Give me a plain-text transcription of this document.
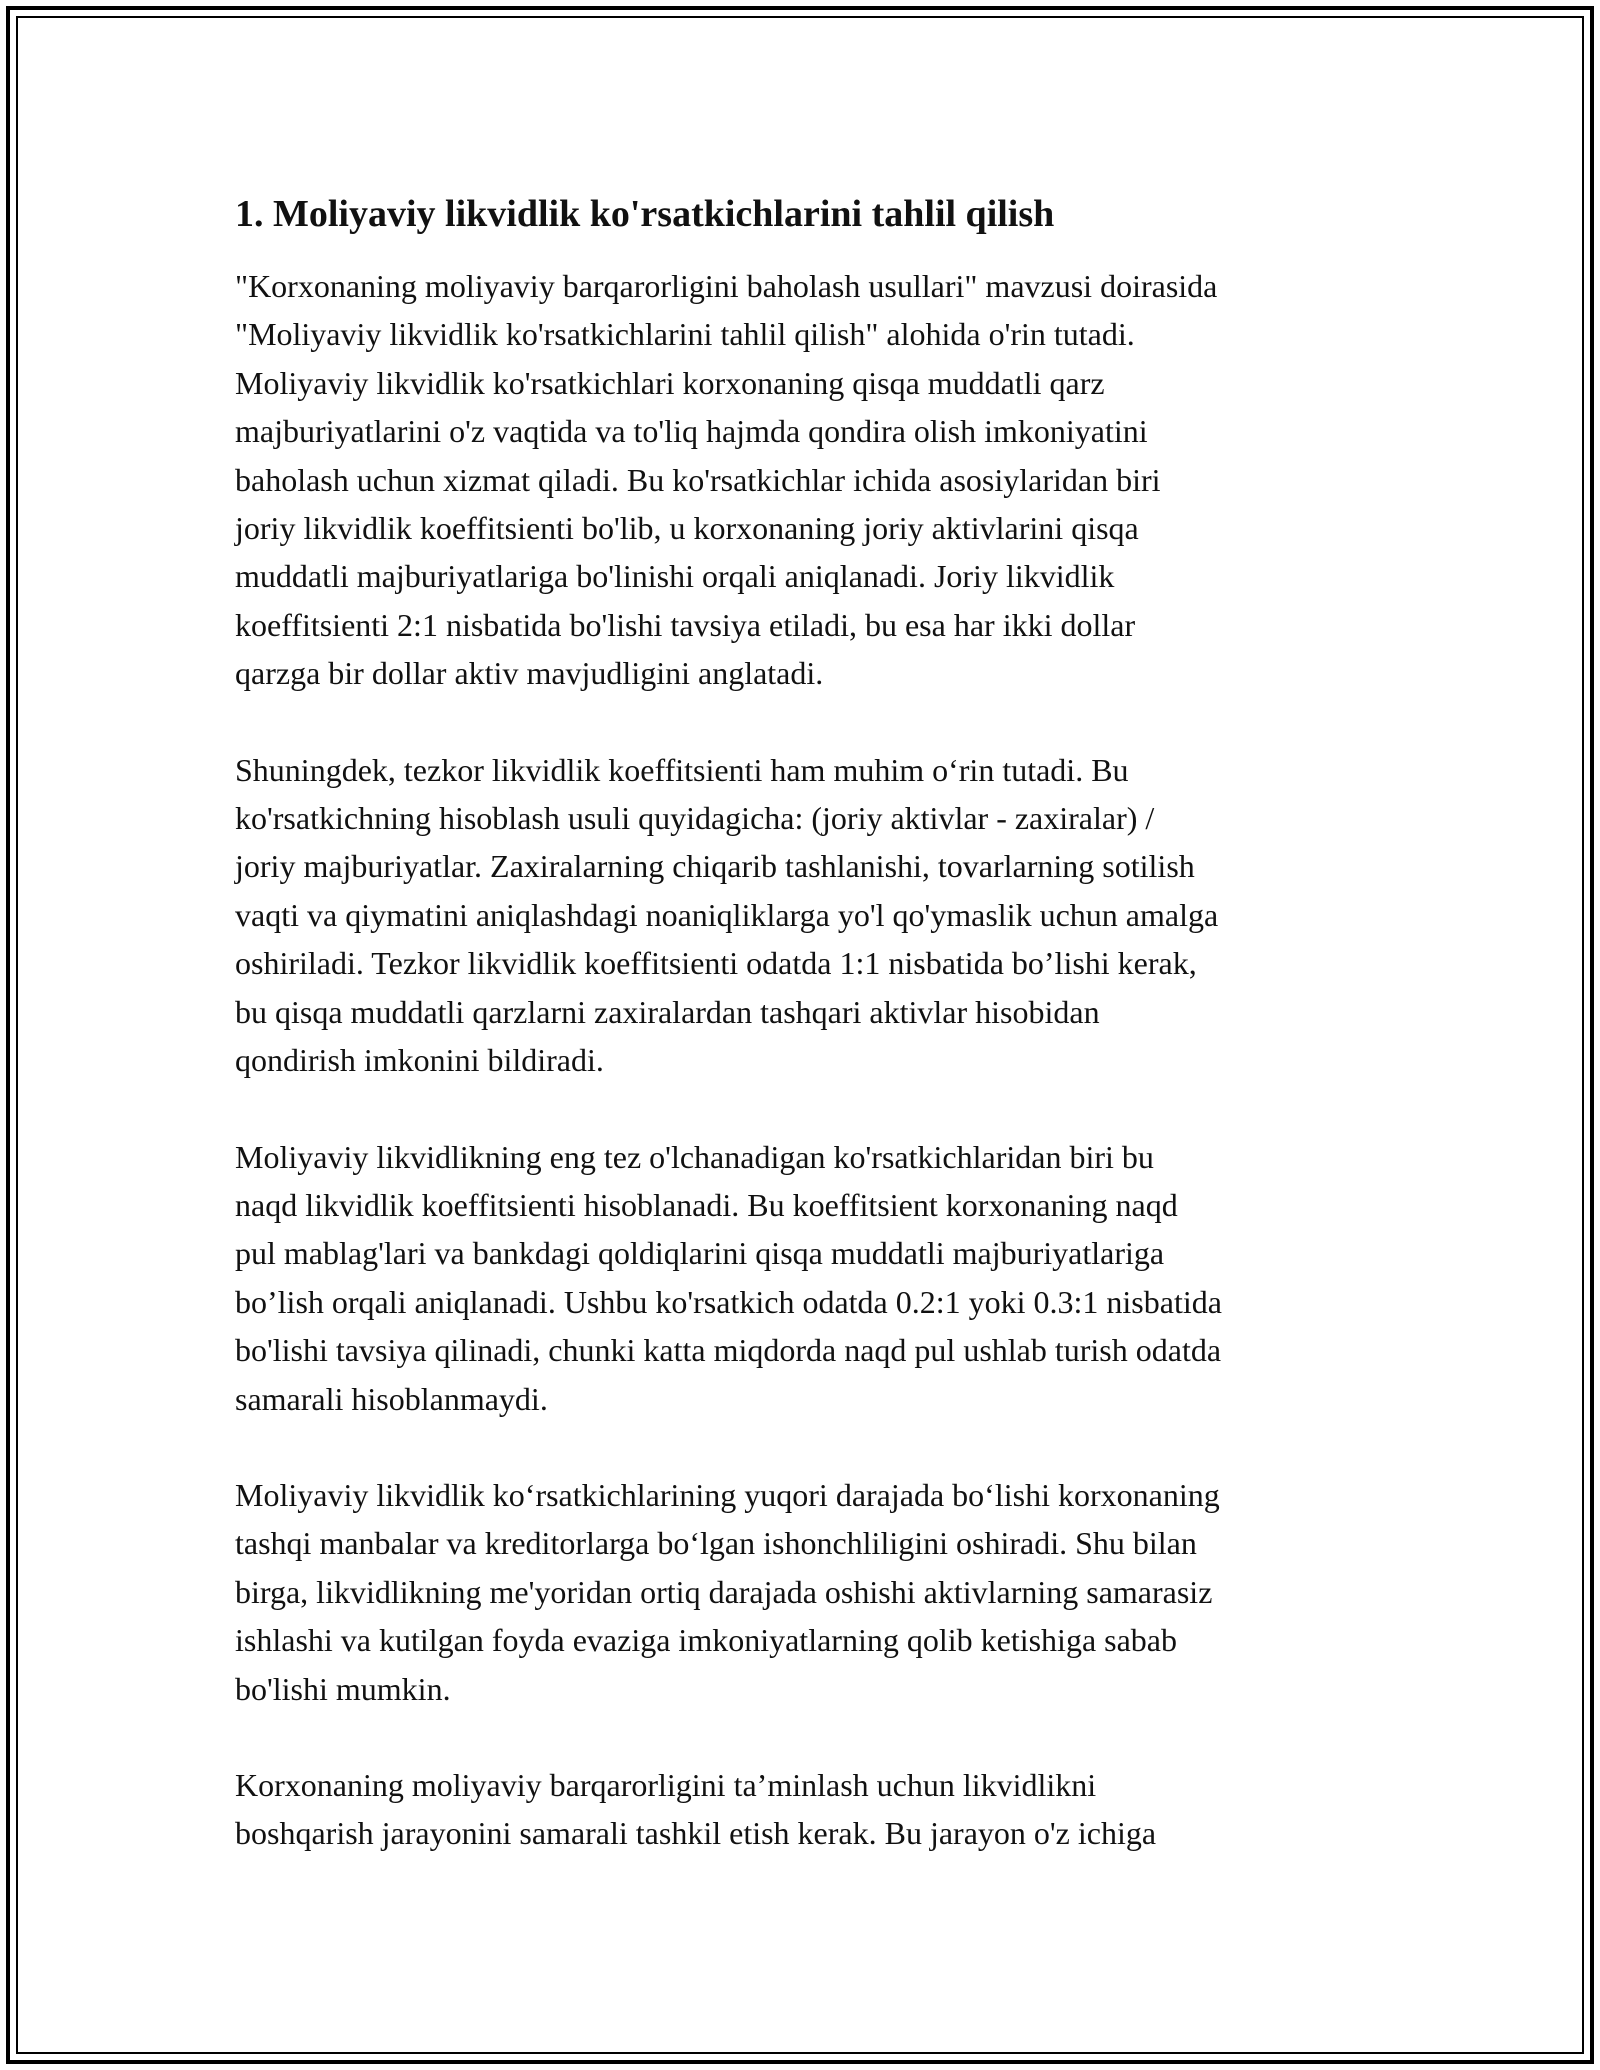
1. Moliyaviy likvidlik ko'rsatkichlarini tahlil qilish

"Korxonaning moliyaviy barqarorligini baholash usullari" mavzusi doirasida
"Moliyaviy likvidlik ko'rsatkichlarini tahlil qilish" alohida o'rin tutadi.
Moliyaviy likvidlik ko'rsatkichlari korxonaning qisqa muddatli qarz
majburiyatlarini o'z vaqtida va to'liq hajmda qondira olish imkoniyatini
baholash uchun xizmat qiladi. Bu ko'rsatkichlar ichida asosiylaridan biri
joriy likvidlik koeffitsienti bo'lib, u korxonaning joriy aktivlarini qisqa
muddatli majburiyatlariga bo'linishi orqali aniqlanadi. Joriy likvidlik
koeffitsienti 2:1 nisbatida bo'lishi tavsiya etiladi, bu esa har ikki dollar
qarzga bir dollar aktiv mavjudligini anglatadi.

Shuningdek, tezkor likvidlik koeffitsienti ham muhim o‘rin tutadi. Bu
ko'rsatkichning hisoblash usuli quyidagicha: (joriy aktivlar - zaxiralar) /
joriy majburiyatlar. Zaxiralarning chiqarib tashlanishi, tovarlarning sotilish
vaqti va qiymatini aniqlashdagi noaniqliklarga yo'l qo'ymaslik uchun amalga
oshiriladi. Tezkor likvidlik koeffitsienti odatda 1:1 nisbatida bo’lishi kerak,
bu qisqa muddatli qarzlarni zaxiralardan tashqari aktivlar hisobidan
qondirish imkonini bildiradi.

Moliyaviy likvidlikning eng tez o'lchanadigan ko'rsatkichlaridan biri bu
naqd likvidlik koeffitsienti hisoblanadi. Bu koeffitsient korxonaning naqd
pul mablag'lari va bankdagi qoldiqlarini qisqa muddatli majburiyatlariga
bo’lish orqali aniqlanadi. Ushbu ko'rsatkich odatda 0.2:1 yoki 0.3:1 nisbatida
bo'lishi tavsiya qilinadi, chunki katta miqdorda naqd pul ushlab turish odatda
samarali hisoblanmaydi.

Moliyaviy likvidlik ko‘rsatkichlarining yuqori darajada bo‘lishi korxonaning
tashqi manbalar va kreditorlarga bo‘lgan ishonchliligini oshiradi. Shu bilan
birga, likvidlikning me'yoridan ortiq darajada oshishi aktivlarning samarasiz
ishlashi va kutilgan foyda evaziga imkoniyatlarning qolib ketishiga sabab
bo'lishi mumkin.

Korxonaning moliyaviy barqarorligini ta’minlash uchun likvidlikni
boshqarish jarayonini samarali tashkil etish kerak. Bu jarayon o'z ichiga
